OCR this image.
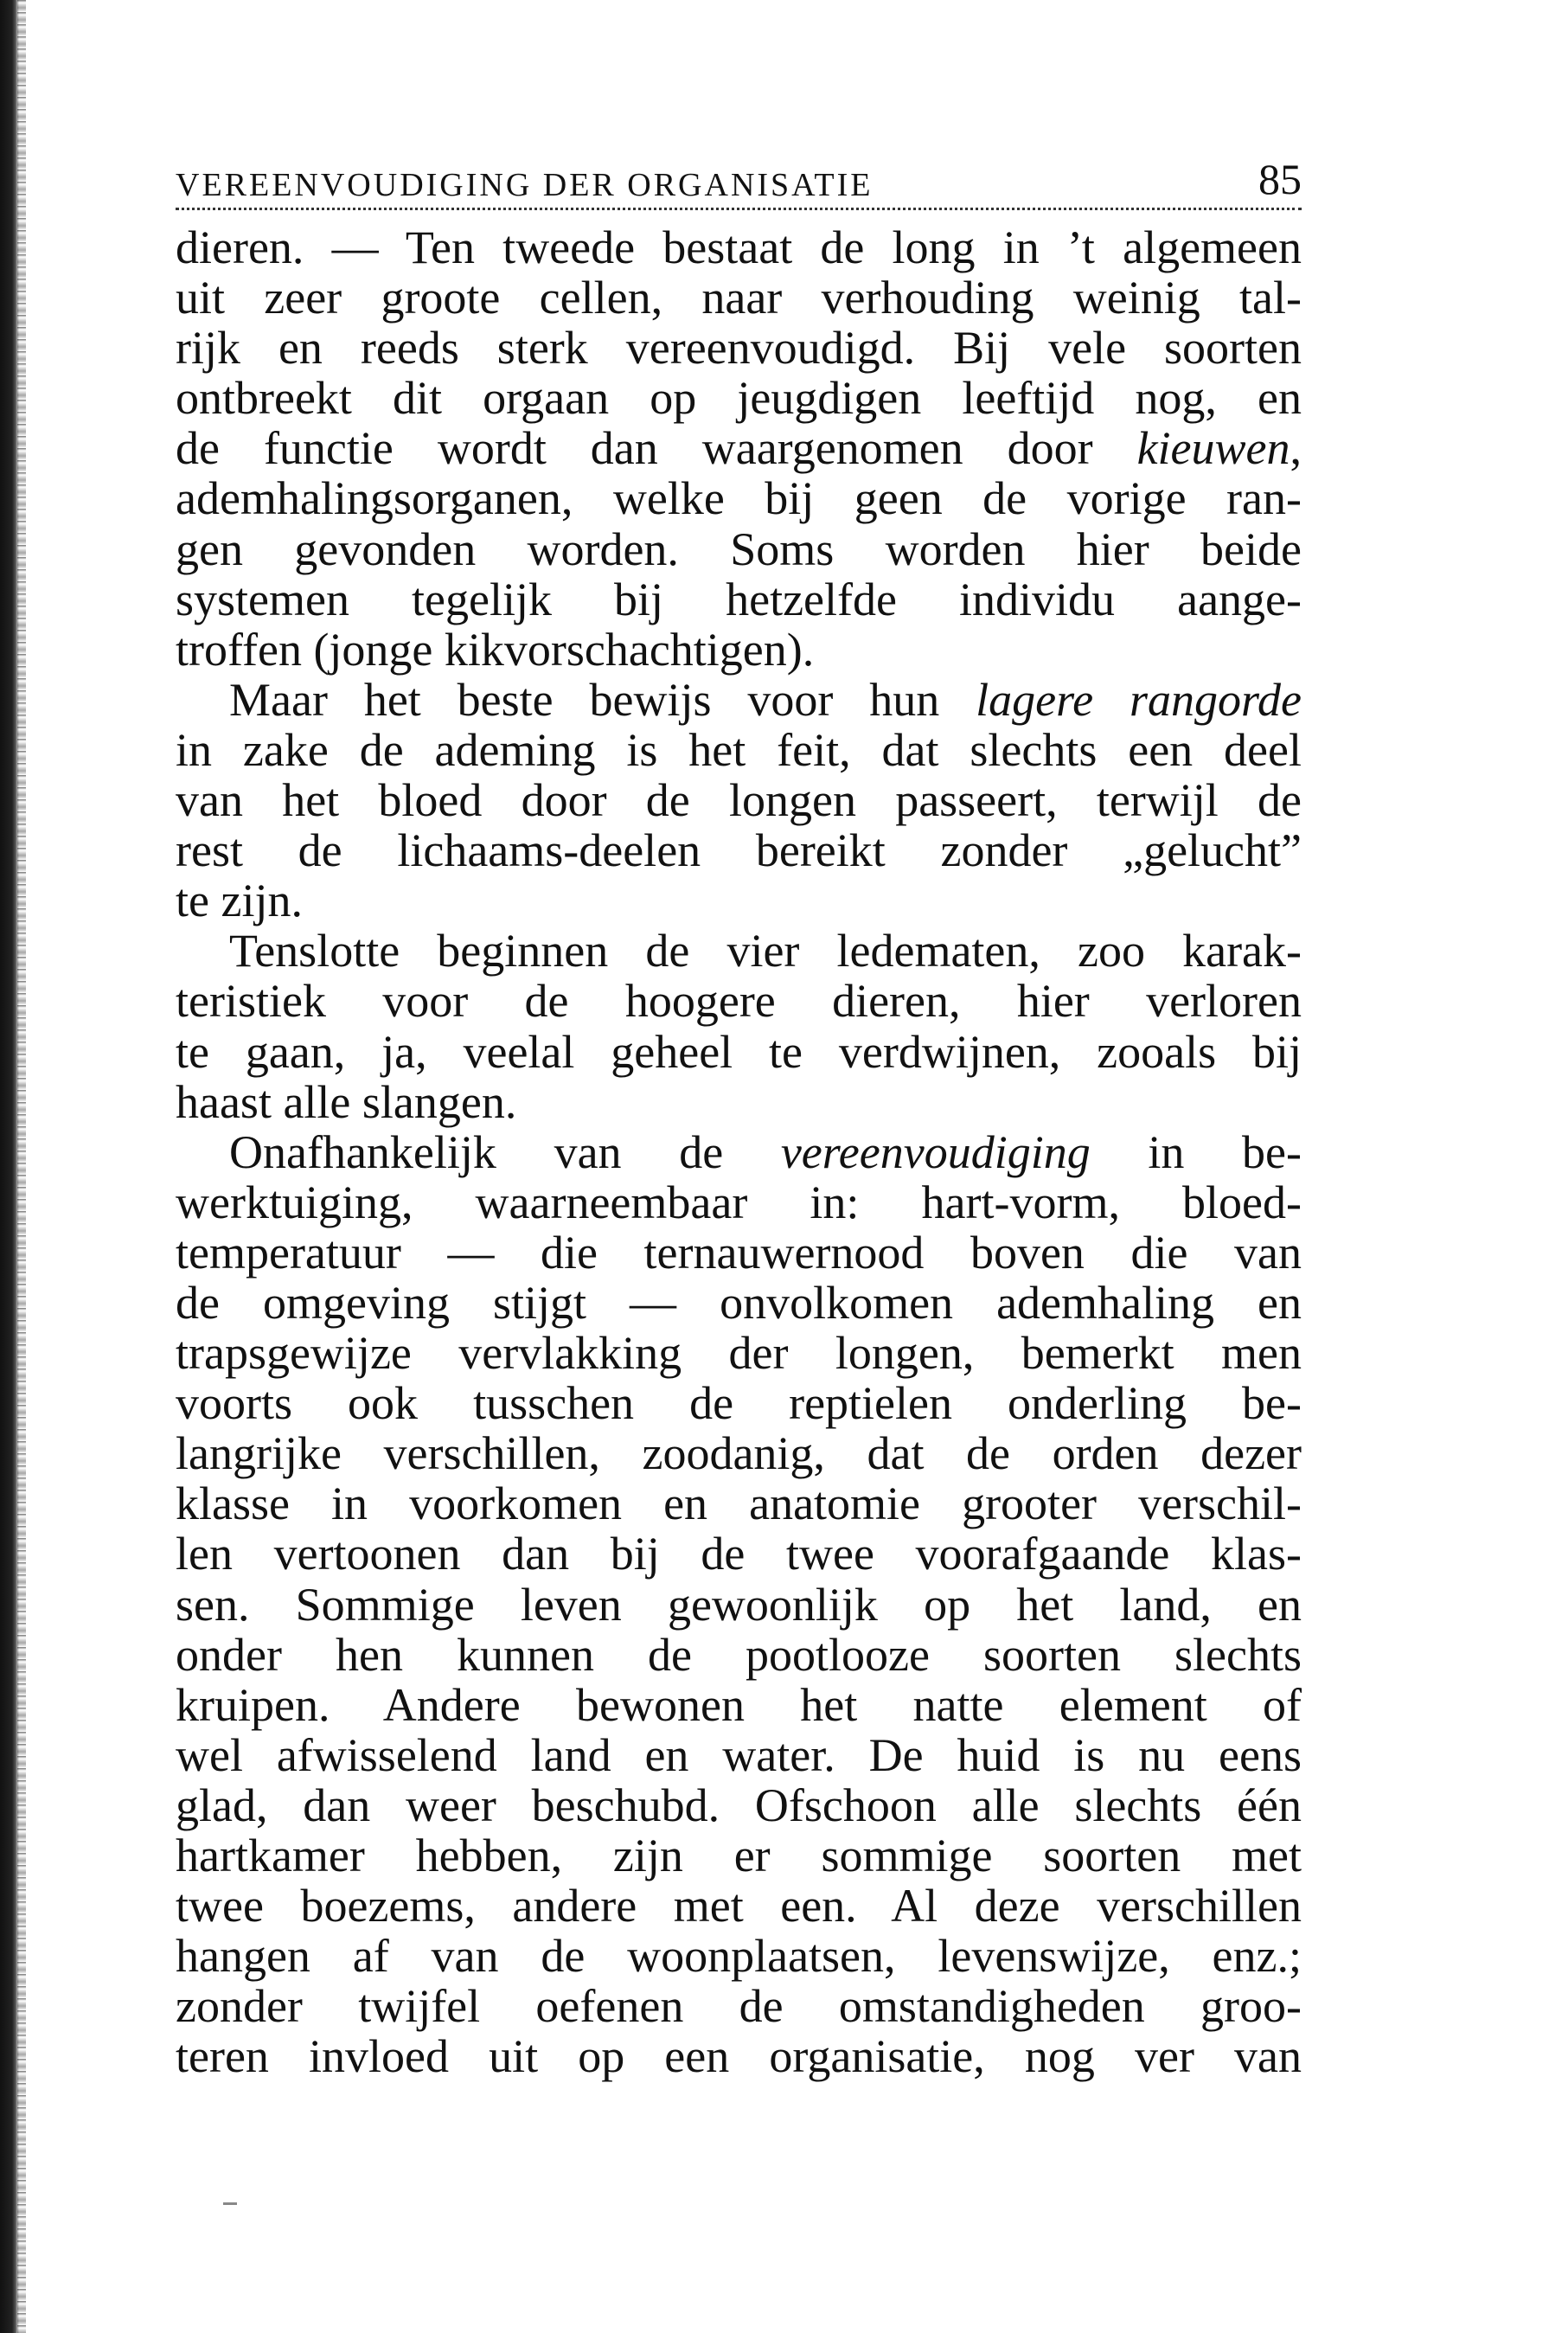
VEREENVOUDIGING DER ORGANISATIE	85
dieren. — Ten tweede bestaat de long in ’t algemeen
uit zeer groote cellen, naar verhouding weinig tal-
rijk en reeds sterk vereenvoudigd. Bij vele soorten
ontbreekt dit orgaan op jeugdigen leeftijd nog, en
de functie wordt dan waargenomen door kieuwen,
ademhalingsorganen, welke bij geen de vorige ran-
gen gevonden worden. Soms worden hier beide
systemen tegelijk bij hetzelfde individu aange-
troffen (jonge kikvorschachtigen).
Maar het beste bewijs voor hun lagere rangorde
in zake de ademing is het feit, dat slechts een deel
van het bloed door de longen passeert, terwijl de
rest de lichaams-deelen bereikt zonder „gelucht”
te zijn.
Tenslotte beginnen de vier ledematen, zoo karak-
teristiek voor de hoogere dieren, hier verloren
te gaan, ja, veelal geheel te verdwijnen, zooals bij
haast alle slangen.
Onafhankelijk van de vereenvoudiging in be-
werktuiging, waarneembaar in: hart-vorm, bloed-
temperatuur — die ternauwernood boven die van
de omgeving stijgt — onvolkomen ademhaling en
trapsgewijze vervlakking der longen, bemerkt men
voorts ook tusschen de reptielen onderling be-
langrijke verschillen, zoodanig, dat de orden dezer
klasse in voorkomen en anatomie grooter verschil-
len vertoonen dan bij de twee voorafgaande klas-
sen. Sommige leven gewoonlijk op het land, en
onder hen kunnen de pootlooze soorten slechts
kruipen. Andere bewonen het natte element of
wel afwisselend land en water. De huid is nu eens
glad, dan weer beschubd. Ofschoon alle slechts één
hartkamer hebben, zijn er sommige soorten met
twee boezems, andere met een. Al deze verschillen
hangen af van de woonplaatsen, levenswijze, enz.;
zonder twijfel oefenen de omstandigheden groo-
teren invloed uit op een organisatie, nog ver van
